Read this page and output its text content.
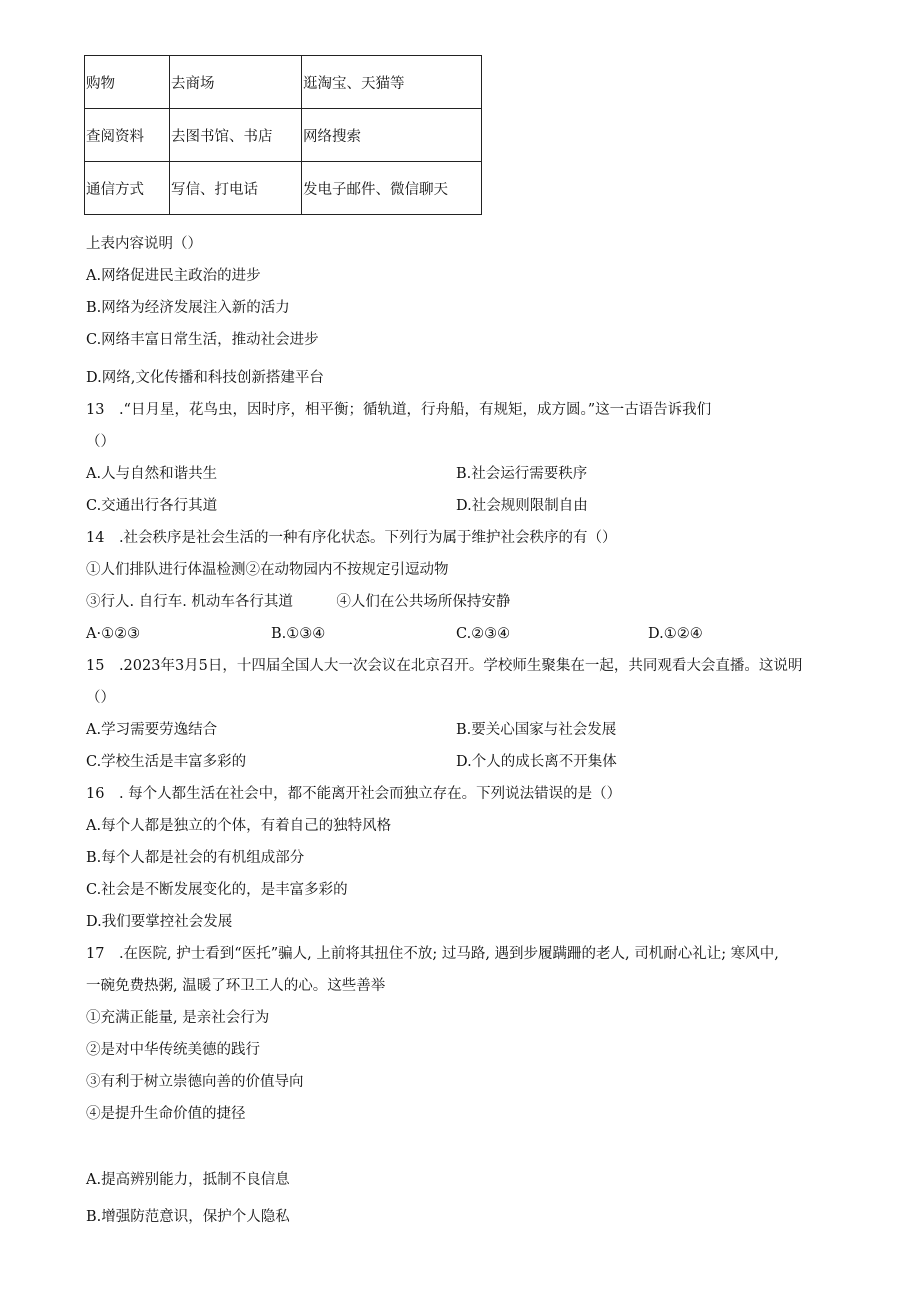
购物	去商场	逛淘宝、天猫等
查阅资料	去图书馆、书店	网络搜索
通信方式	写信、打电话	发电子邮件、微信聊天
上表内容说明（）
A.网络促进民主政治的进步
B.网络为经济发展注入新的活力
C.网络丰富日常生活，推动社会进步
D.网络,文化传播和科技创新搭建平台
13　.“日月星，花鸟虫，因时序，相平衡；循轨道，行舟船，有规矩，成方圆。”这一古语告诉我们
（）
A.人与自然和谐共生	B.社会运行需要秩序
C.交通出行各行其道	D.社会规则限制自由
14　.社会秩序是社会生活的一种有序化状态。下列行为属于维护社会秩序的有（）
①人们排队进行体温检测②在动物园内不按规定引逗动物
③行人. 自行车. 机动车各行其道　　　④人们在公共场所保持安静
A·①②③	B.①③④	C.②③④	D.①②④
15　.2023年3月5日，十四届全国人大一次会议在北京召开。学校师生聚集在一起，共同观看大会直播。这说明
（）
A.学习需要劳逸结合	B.要关心国家与社会发展
C.学校生活是丰富多彩的	D.个人的成长离不开集体
16　. 每个人都生活在社会中，都不能离开社会而独立存在。下列说法错误的是（）
A.每个人都是独立的个体，有着自己的独特风格
B.每个人都是社会的有机组成部分
C.社会是不断发展变化的，是丰富多彩的
D.我们要掌控社会发展
17　.在医院, 护士看到“医托”骗人, 上前将其扭住不放; 过马路, 遇到步履蹒跚的老人, 司机耐心礼让; 寒风中,
一碗免费热粥, 温暖了环卫工人的心。这些善举
①充满正能量, 是亲社会行为
②是对中华传统美德的践行
③有利于树立崇德向善的价值导向
④是提升生命价值的捷径
A.提高辨别能力，抵制不良信息
B.增强防范意识，保护个人隐私
